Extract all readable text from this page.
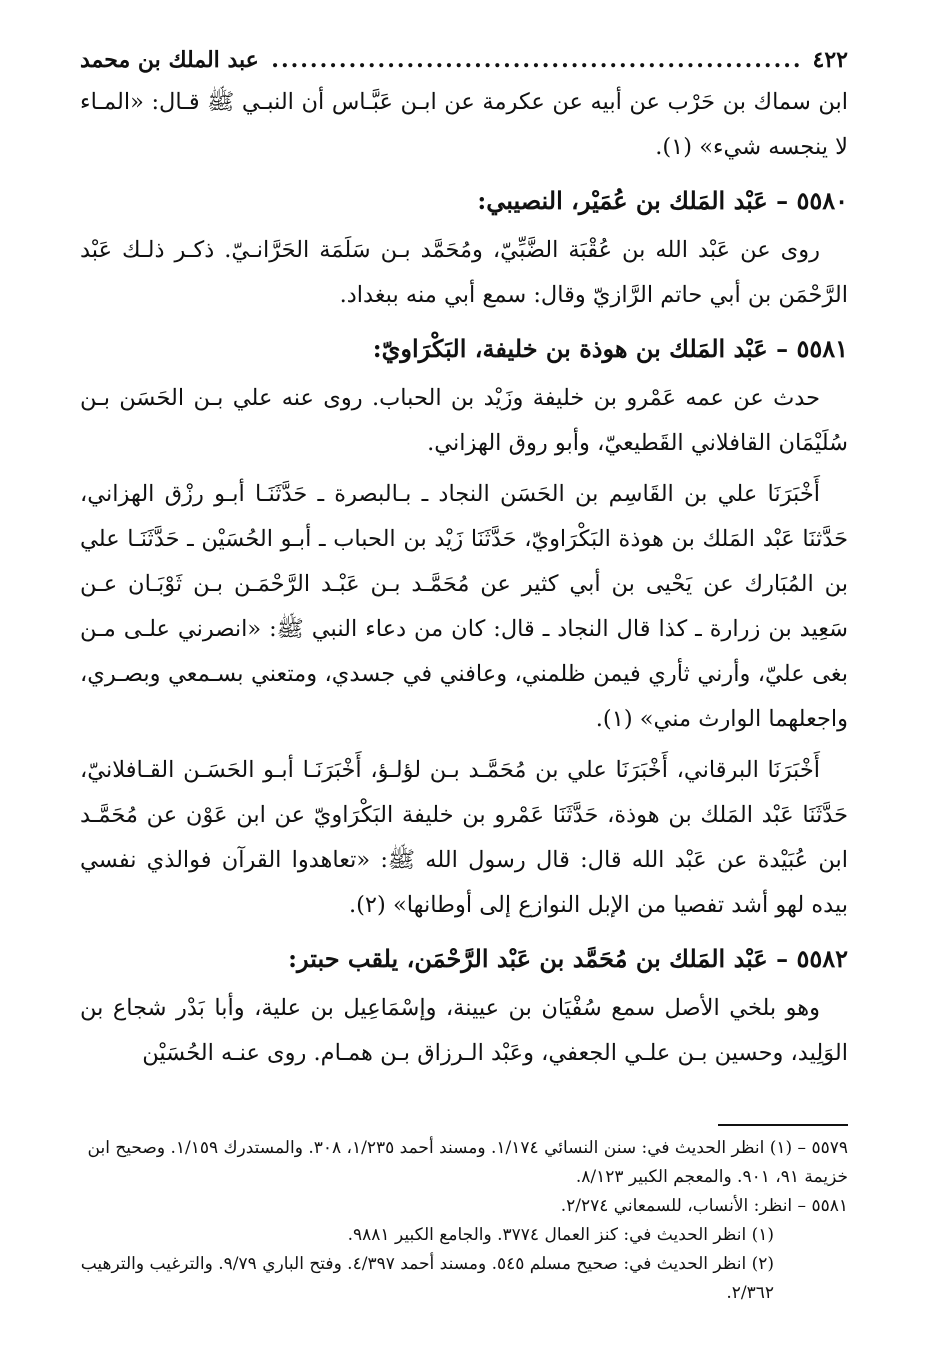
٤٢٢
.....
عبد الملك بن محمد

ابن سماك بن حَرْب عن أبيه عن عكرمة عن ابـن عَبَّـاس أن النبـي ﷺ قـال: «المـاء لا ينجسه شيء» (١).

٥٥٨٠ – عَبْد المَلك بن عُمَيْر، النصيبي:

روى عن عَبْد الله بن عُقْبَة الضَّبِّيّ، ومُحَمَّد بـن سَلَمَة الحَرَّانـيّ. ذكـر ذلـك عَبْد الرَّحْمَن بن أبي حاتم الرَّازيّ وقال: سمع أبي منه ببغداد.

٥٥٨١ – عَبْد المَلك بن هوذة بن خليفة، البَكْرَاويّ:

حدث عن عمه عَمْرو بن خليفة وزَيْد بن الحباب. روى عنه علي بـن الحَسَن بـن سُلَيْمَان القافلاني القَطيعيّ، وأبو روق الهزاني.

أَخْبَرَنَا علي بن القَاسِم بن الحَسَن النجاد ـ بـالبصرة ـ حَدَّثَنَـا أبـو رزْق الهزاني، حَدَّثنَا عَبْد المَلك بن هوذة البَكْرَاويّ، حَدَّثَنَا زَيْد بن الحباب ـ أبـو الحُسَيْن ـ حَدَّثَنَـا علي بن المُبَارك عن يَحْيى بن أبي كثير عن مُحَمَّـد بـن عَبْـد الرَّحْمَـن بـن ثَوْبَـان عـن سَعِيد بن زرارة ـ كذا قال النجاد ـ قال: كان من دعاء النبي ﷺ: «انصرني علـى مـن بغى عليّ، وأرني ثأري فيمن ظلمني، وعافني في جسدي، ومتعني بسـمعي وبصـري، واجعلهما الوارث مني» (١).

أَخْبَرَنَا البرقاني، أَخْبَرَنَا علي بن مُحَمَّـد بـن لؤلـؤ، أَخْبَرَنَـا أبـو الحَسَـن القـافلانيّ، حَدَّثَنَا عَبْد المَلك بن هوذة، حَدَّثَنَا عَمْرو بن خليفة البَكْرَاويّ عن ابن عَوْن عن مُحَمَّـد ابن عُبَيْدة عن عَبْد الله قال: قال رسول الله ﷺ: «تعاهدوا القرآن فوالذي نفسي بيده لهو أشد تفصيا من الإبل النوازع إلى أوطانها» (٢).

٥٥٨٢ – عَبْد المَلك بن مُحَمَّد بن عَبْد الرَّحْمَن، يلقب حبتر:

وهو بلخي الأصل سمع سُفْيَان بن عيينة، وإسْمَاعِيل بن علية، وأبا بَدْر شجاع بن الوَلِيد، وحسين بـن علـي الجعفي، وعَبْد الـرزاق بـن همـام. روى عنـه الحُسَيْن

٥٥٧٩ – (١) انظر الحديث في: سنن النسائي ١/١٧٤. ومسند أحمد ١/٢٣٥، ٣٠٨. والمستدرك ١/١٥٩. وصحيح ابن خزيمة ٩١، ٩٠١. والمعجم الكبير ٨/١٢٣.

٥٥٨١ – انظر: الأنساب، للسمعاني ٢/٢٧٤.

(١) انظر الحديث في: كنز العمال ٣٧٧٤. والجامع الكبير ٩٨٨١.

(٢) انظر الحديث في: صحيح مسلم ٥٤٥. ومسند أحمد ٤/٣٩٧. وفتح الباري ٩/٧٩. والترغيب والترهيب ٢/٣٦٢.
